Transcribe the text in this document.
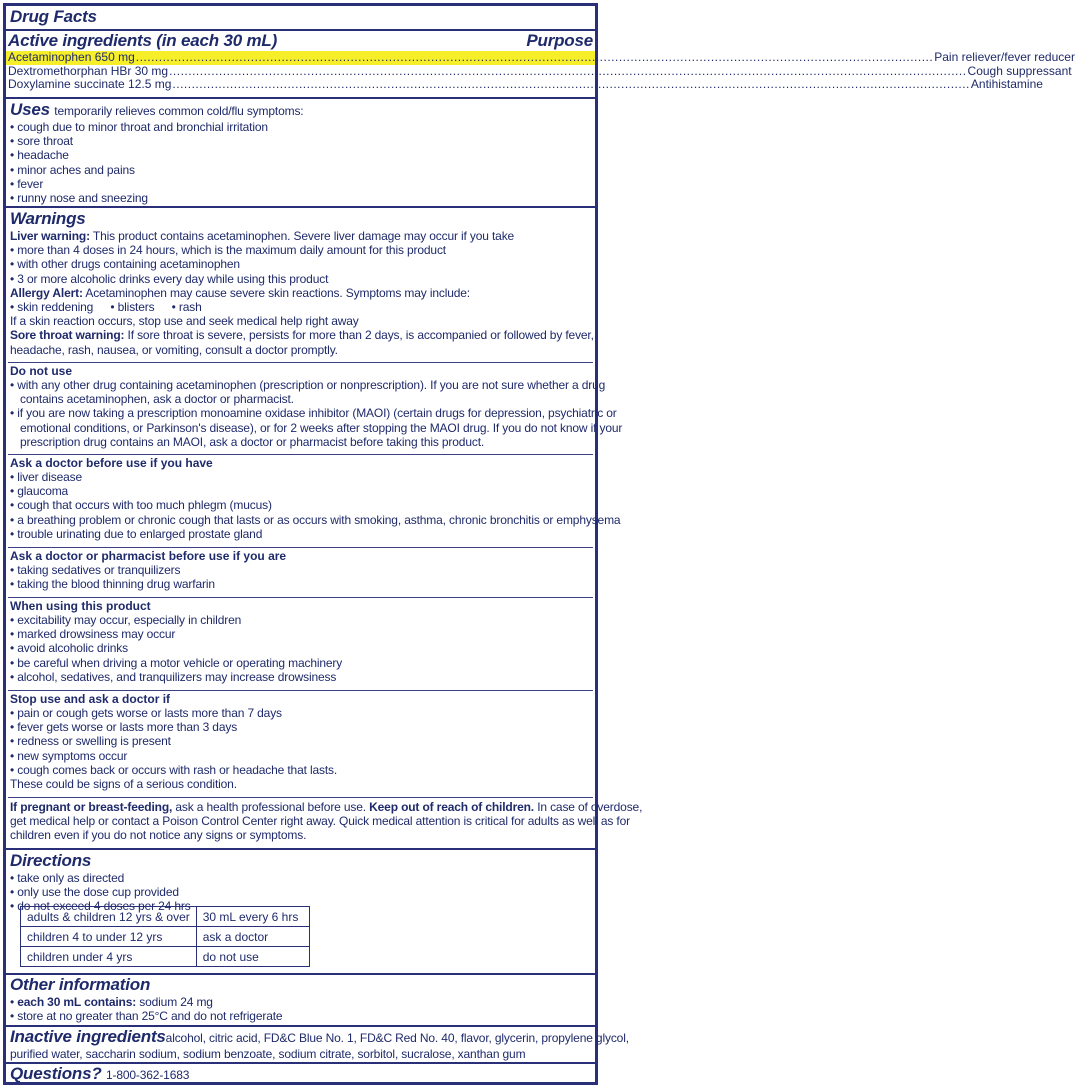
Drug Facts
Active ingredients (in each 30 mL)	Purpose
Acetaminophen 650 mg .....	Pain reliever/fever reducer
Dextromethorphan HBr 30 mg .....	Cough suppressant
Doxylamine succinate 12.5 mg .....	Antihistamine
Uses temporarily relieves common cold/flu symptoms:
• cough due to minor throat and bronchial irritation
• sore throat
• headache
• minor aches and pains
• fever
• runny nose and sneezing
Warnings
Liver warning: This product contains acetaminophen. Severe liver damage may occur if you take
• more than 4 doses in 24 hours, which is the maximum daily amount for this product
• with other drugs containing acetaminophen
• 3 or more alcoholic drinks every day while using this product
Allergy Alert: Acetaminophen may cause severe skin reactions. Symptoms may include:
• skin reddening • blisters • rash
If a skin reaction occurs, stop use and seek medical help right away
Sore throat warning: If sore throat is severe, persists for more than 2 days, is accompanied or followed by fever,
headache, rash, nausea, or vomiting, consult a doctor promptly.
Do not use
• with any other drug containing acetaminophen (prescription or nonprescription). If you are not sure whether a drug
contains acetaminophen, ask a doctor or pharmacist.
• if you are now taking a prescription monoamine oxidase inhibitor (MAOI) (certain drugs for depression, psychiatric or
emotional conditions, or Parkinson's disease), or for 2 weeks after stopping the MAOI drug. If you do not know if your
prescription drug contains an MAOI, ask a doctor or pharmacist before taking this product.
Ask a doctor before use if you have
• liver disease
• glaucoma
• cough that occurs with too much phlegm (mucus)
• a breathing problem or chronic cough that lasts or as occurs with smoking, asthma, chronic bronchitis or emphysema
• trouble urinating due to enlarged prostate gland
Ask a doctor or pharmacist before use if you are
• taking sedatives or tranquilizers
• taking the blood thinning drug warfarin
When using this product
• excitability may occur, especially in children
• marked drowsiness may occur
• avoid alcoholic drinks
• be careful when driving a motor vehicle or operating machinery
• alcohol, sedatives, and tranquilizers may increase drowsiness
Stop use and ask a doctor if
• pain or cough gets worse or lasts more than 7 days
• fever gets worse or lasts more than 3 days
• redness or swelling is present
• new symptoms occur
• cough comes back or occurs with rash or headache that lasts.
These could be signs of a serious condition.
If pregnant or breast-feeding, ask a health professional before use. Keep out of reach of children. In case of overdose,
get medical help or contact a Poison Control Center right away. Quick medical attention is critical for adults as well as for
children even if you do not notice any signs or symptoms.
Directions
• take only as directed
• only use the dose cup provided
• do not exceed 4 doses per 24 hrs
adults & children 12 yrs & over	30 mL every 6 hrs
children 4 to under 12 yrs	ask a doctor
children under 4 yrs	do not use
Other information
• each 30 mL contains: sodium 24 mg
• store at no greater than 25°C and do not refrigerate
Inactive ingredientsalcohol, citric acid, FD&C Blue No. 1, FD&C Red No. 40, flavor, glycerin, propylene glycol,
purified water, saccharin sodium, sodium benzoate, sodium citrate, sorbitol, sucralose, xanthan gum
Questions? 1-800-362-1683
